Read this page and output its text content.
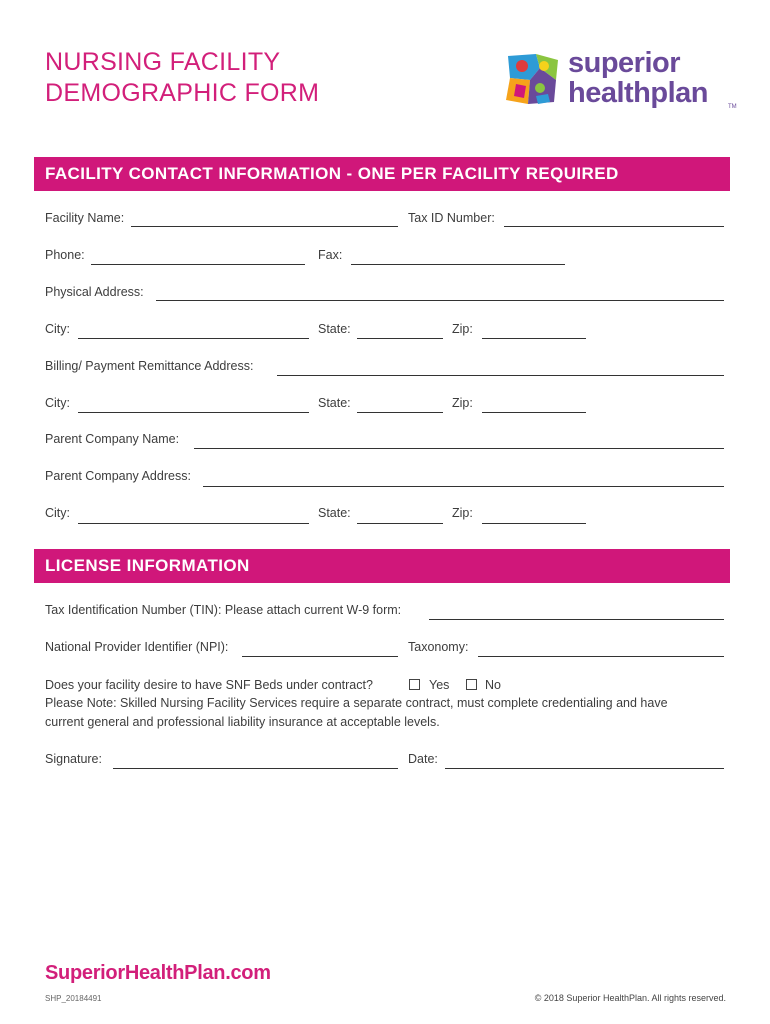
NURSING FACILITY
DEMOGRAPHIC FORM
superior
healthplan	TM
FACILITY CONTACT INFORMATION - ONE PER FACILITY REQUIRED
Facility Name:	Tax ID Number:
Phone:	Fax:
Physical Address:
City:	State:	Zip:
Billing/ Payment Remittance Address:
City:	State:	Zip:
Parent Company Name:
Parent Company Address:
City:	State:	Zip:
LICENSE INFORMATION
Tax Identification Number (TIN): Please attach current W-9 form:
National Provider Identifier (NPI):	Taxonomy:
Does your facility desire to have SNF Beds under contract?	Yes	No
Please Note: Skilled Nursing Facility Services require a separate contract, must complete credentialing and have
current general and professional liability insurance at acceptable levels.
Signature:	Date:
SuperiorHealthPlan.com
SHP_20184491	© 2018 Superior HealthPlan. All rights reserved.
